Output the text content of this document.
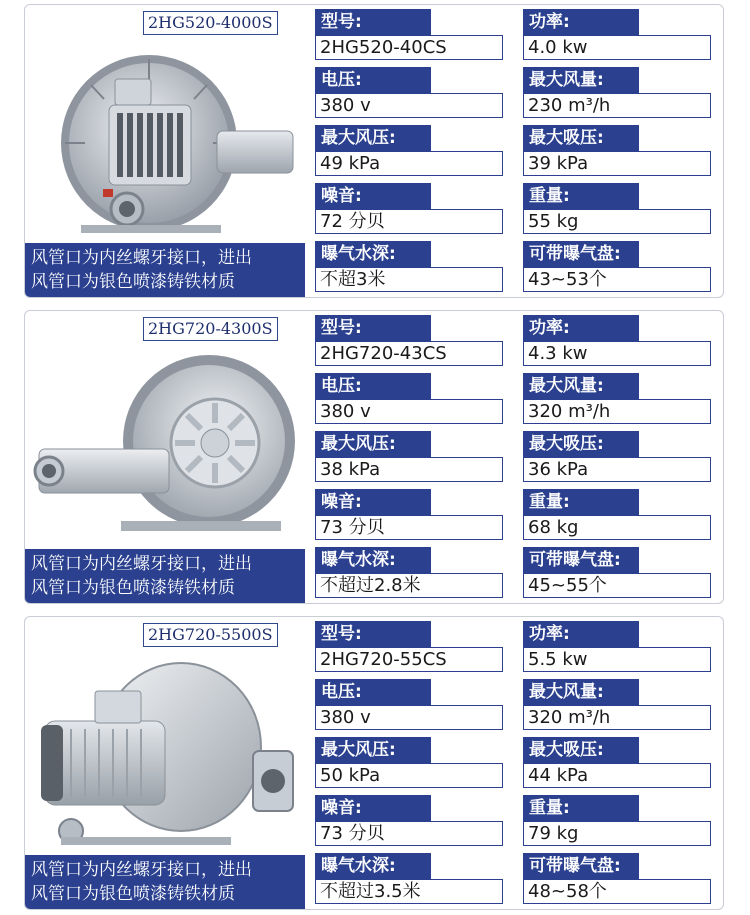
2HG520-4000S
风管口为内丝螺牙接口，进出
风管口为银色喷漆铸铁材质
型号:
2HG520-40CS
功率:
4.0 kw
电压:
380 v
最大风量:
230 m³/h
最大风压:
49 kPa
最大吸压:
39 kPa
噪音:
72 分贝
重量:
55 kg
曝气水深:
不超3米
可带曝气盘:
43~53个
2HG720-4300S
风管口为内丝螺牙接口，进出
风管口为银色喷漆铸铁材质
型号:
2HG720-43CS
功率:
4.3 kw
电压:
380 v
最大风量:
320 m³/h
最大风压:
38 kPa
最大吸压:
36 kPa
噪音:
73 分贝
重量:
68 kg
曝气水深:
不超过2.8米
可带曝气盘:
45~55个
2HG720-5500S
风管口为内丝螺牙接口，进出
风管口为银色喷漆铸铁材质
型号:
2HG720-55CS
功率:
5.5 kw
电压:
380 v
最大风量:
320 m³/h
最大风压:
50 kPa
最大吸压:
44 kPa
噪音:
73 分贝
重量:
79 kg
曝气水深:
不超过3.5米
可带曝气盘:
48~58个
